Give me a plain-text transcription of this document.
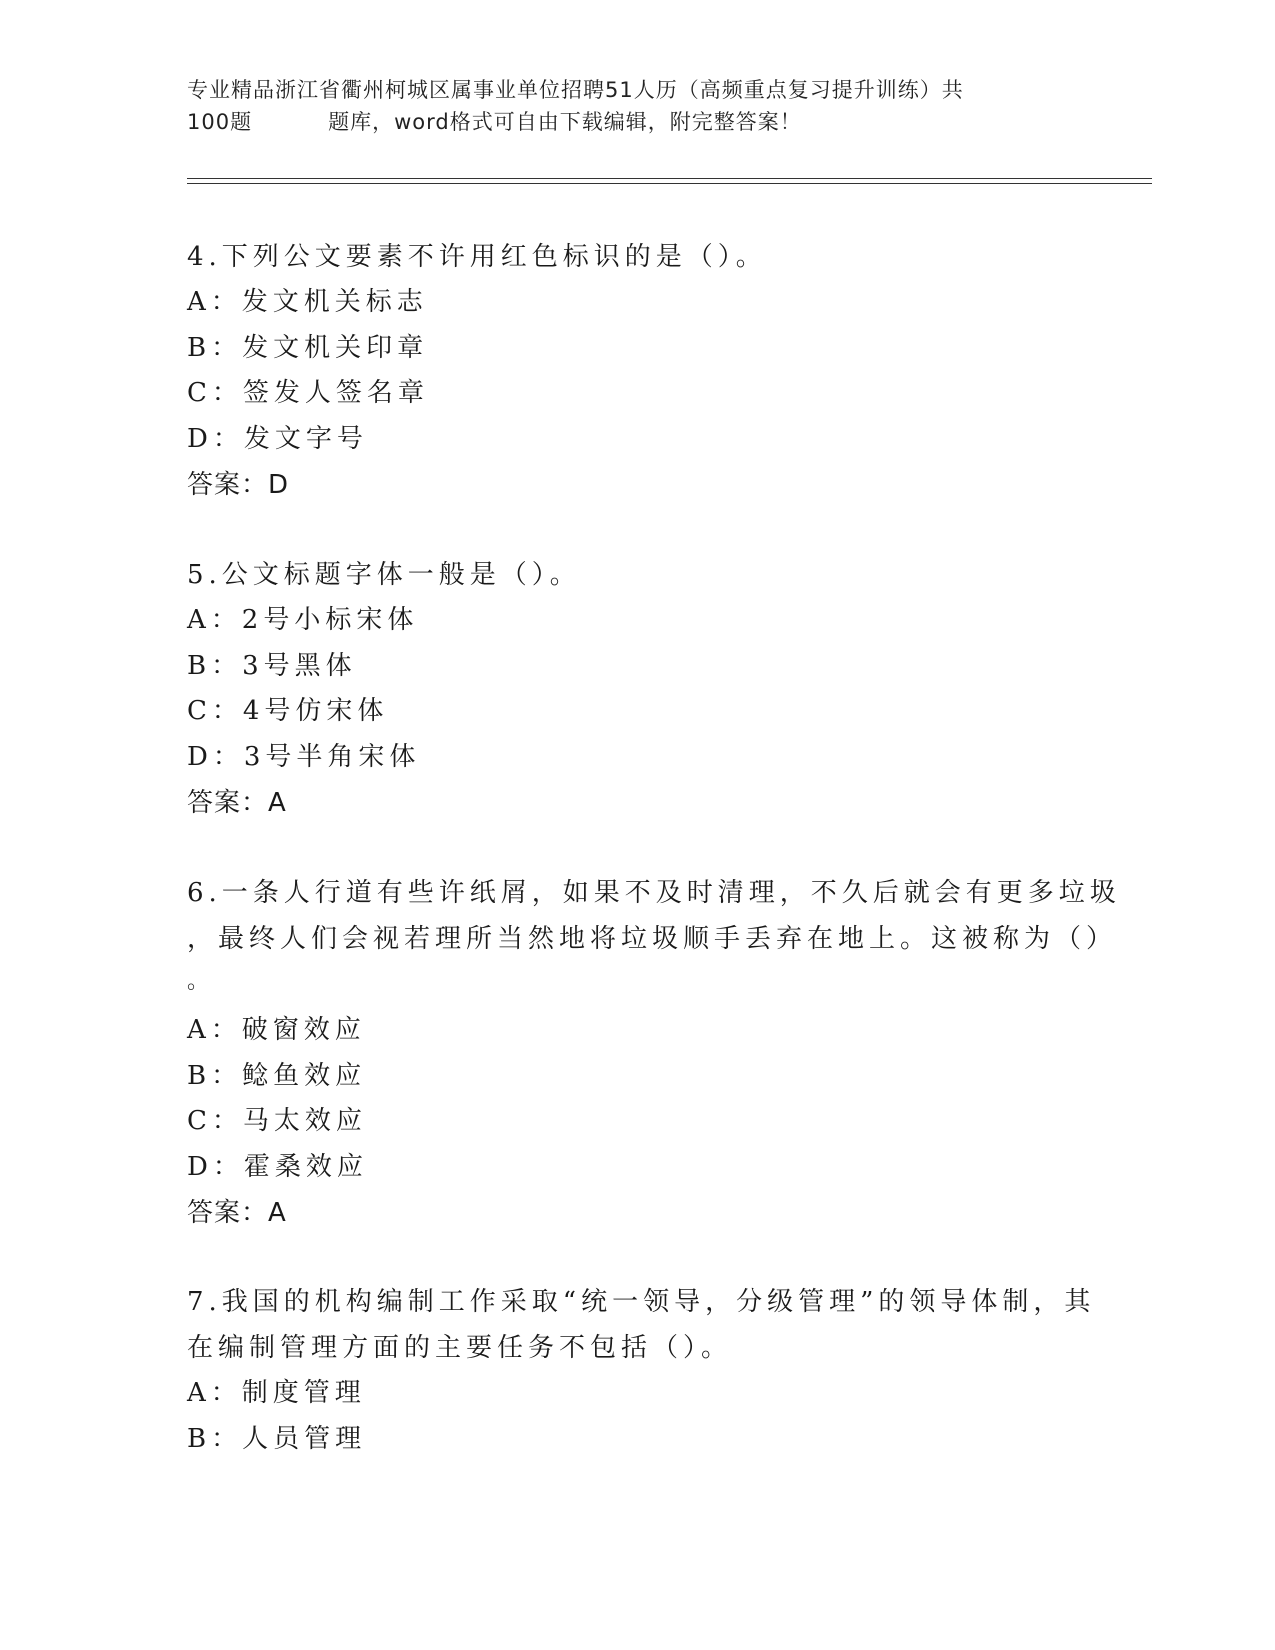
专业精品浙江省衢州柯城区属事业单位招聘51人历（高频重点复习提升训练）共
100题	题库，word格式可自由下载编辑，附完整答案！
4.下列公文要素不许用红色标识的是（）。
A：发文机关标志
B：发文机关印章
C：签发人签名章
D：发文字号
答案：D
5.公文标题字体一般是（）。
A：2号小标宋体
B：3号黑体
C：4号仿宋体
D：3号半角宋体
答案：A
6.一条人行道有些许纸屑，如果不及时清理，不久后就会有更多垃圾
，最终人们会视若理所当然地将垃圾顺手丢弃在地上。这被称为（）
。
A：破窗效应
B：鲶鱼效应
C：马太效应
D：霍桑效应
答案：A
7.我国的机构编制工作采取“统一领导，分级管理”的领导体制，其
在编制管理方面的主要任务不包括（）。
A：制度管理
B：人员管理
